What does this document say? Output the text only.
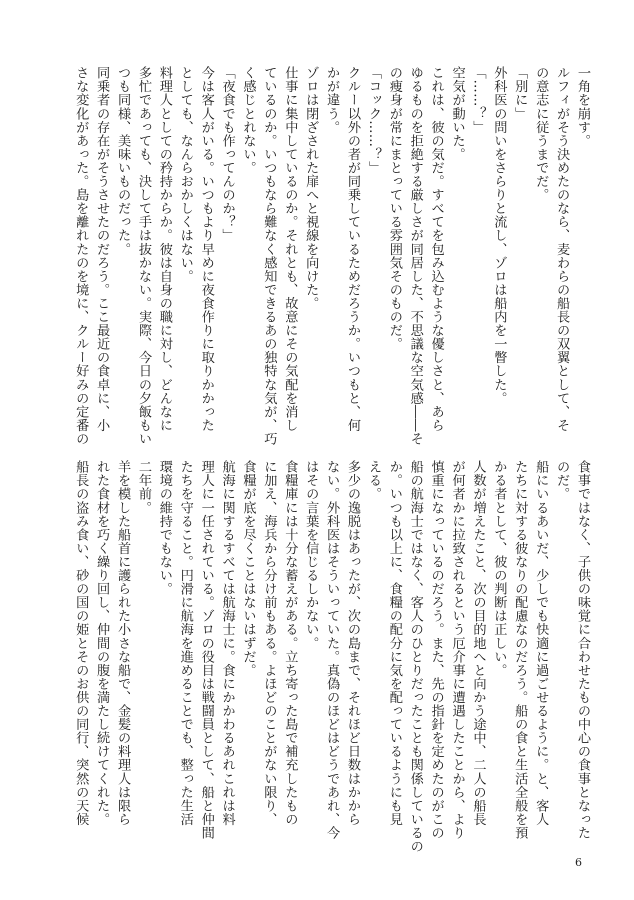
一角を崩す。
ルフィがそう決めたのなら、麦わらの船長の双翼として、そ
の意志に従うまでだ。
「別に」
外科医の問いをさらりと流し、ゾロは船内を一瞥した。
「……？」
空気が動いた。
これは、彼の気だ。すべてを包み込むような優しさと、あら
ゆるものを拒絶する厳しさが同居した、不思議な空気感――そ
の痩身が常にまとっている雰囲気そのものだ。
「コック……？」
クルー以外の者が同乗しているためだろうか。いつもと、何
かが違う。
ゾロは閉ざされた扉へと視線を向けた。
仕事に集中しているのか。それとも、故意にその気配を消し
ているのか。いつもなら難なく感知できるあの独特な気が、巧
く感じとれない。
「夜食でも作ってんのか？」
今は客人がいる。いつもより早めに夜食作りに取りかかった
としても、なんらおかしくはない。
料理人としての矜持からか。彼は自身の職に対し、どんなに
多忙であっても、決して手は抜かない。実際、今日の夕飯もい
つも同様、美味いものだった。
同乗者の存在がそうさせたのだろう。ここ最近の食卓に、小
さな変化があった。島を離れたのを境に、クルー好みの定番の
食事ではなく、子供の味覚に合わせたもの中心の食事となった
のだ。
船にいるあいだ、少しでも快適に過ごせるように。と、客人
たちに対する彼なりの配慮なのだろう。船の食と生活全般を預
かる者として、彼の判断は正しい。
人数が増えたこと、次の目的地へと向かう途中、二人の船長
が何者かに拉致されるという厄介事に遭遇したことから、より
慎重になっているのだろう。また、先の指針を定めたのがこの
船の航海士ではなく、客人のひとりだったことも関係しているの
か。いつも以上に、食糧の配分に気を配っているようにも見
える。
多少の逸脱はあったが、次の島まで、それほど日数はかから
ない。外科医はそういっていた。真偽のほどはどうであれ、今
はその言葉を信じるしかない。
食糧庫には十分な蓄えがある。立ち寄った島で補充したもの
に加え、海兵から分け前もある。よほどのことがない限り、
食糧が底を尽くことはないはずだ。
航海に関するすべては航海士に。食にかかわるあれこれは料
理人に一任されている。ゾロの役目は戦闘員として、船と仲間
たちを守ること。円滑に航海を進めることでも、整った生活
環境の維持でもない。
二年前。
羊を模した船首に護られた小さな船で、金髪の料理人は限ら
れた食材を巧く繰り回し、仲間の腹を満たし続けてくれた。
船長の盗み食い、砂の国の姫とそのお供の同行、突然の天候
6
